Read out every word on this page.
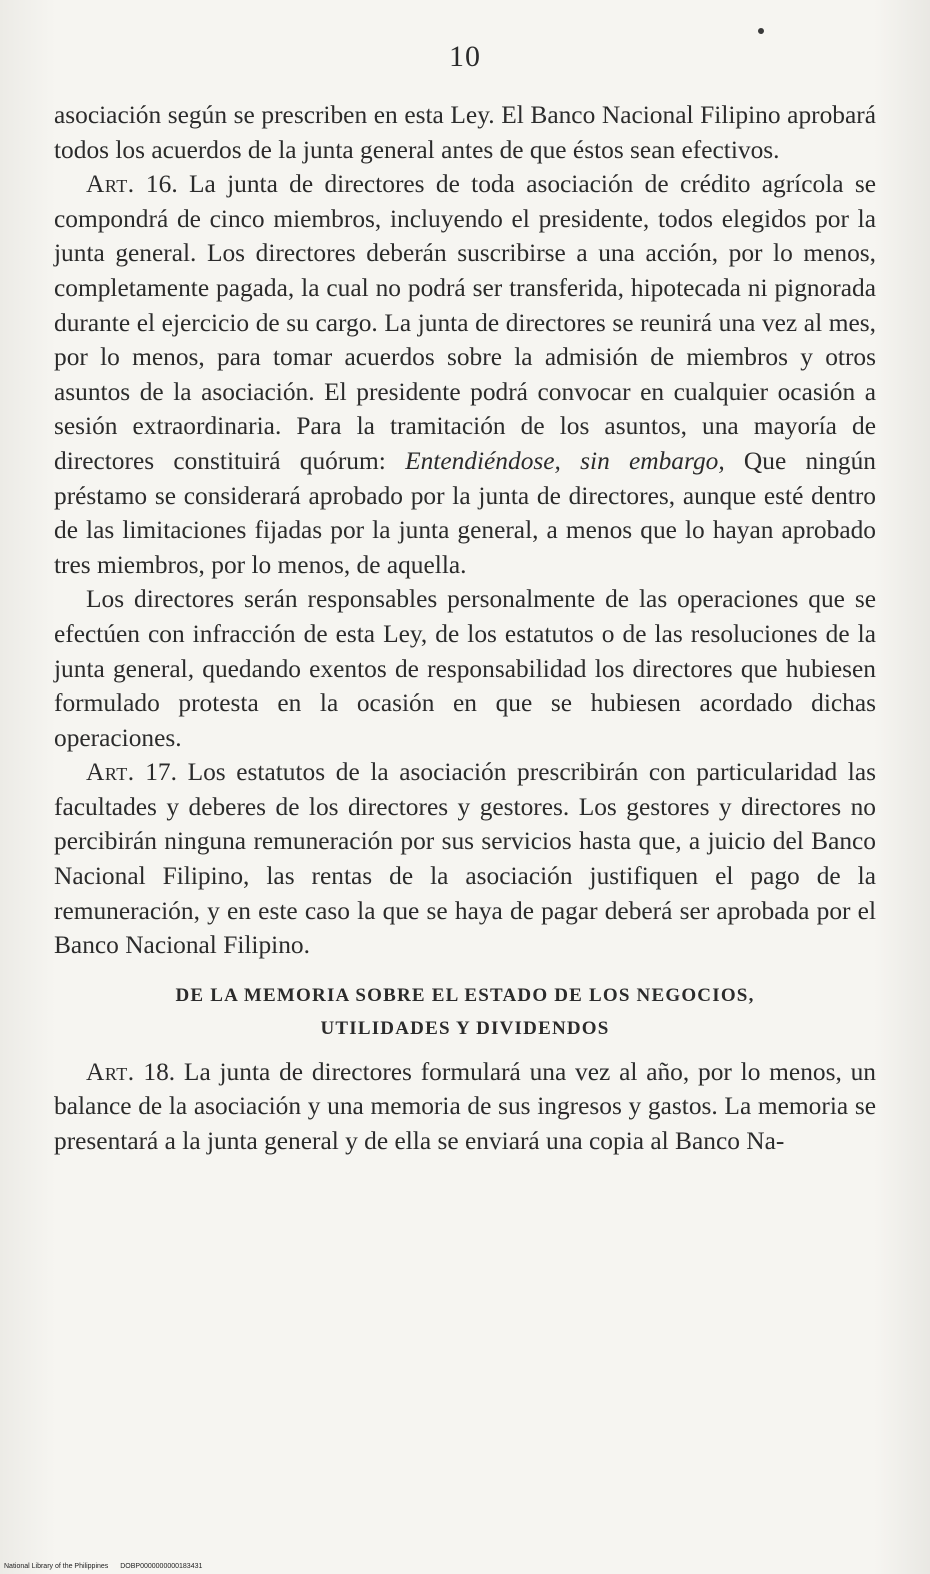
10

asociación según se prescriben en esta Ley. El Banco Nacional Filipino aprobará todos los acuerdos de la junta general antes de que éstos sean efectivos.

Art. 16. La junta de directores de toda asociación de crédito agrícola se compondrá de cinco miembros, incluyendo el presidente, todos elegidos por la junta general. Los directores deberán suscribirse a una acción, por lo menos, completamente pagada, la cual no podrá ser transferida, hipotecada ni pignorada durante el ejercicio de su cargo. La junta de directores se reunirá una vez al mes, por lo menos, para tomar acuerdos sobre la admisión de miembros y otros asuntos de la asociación. El presidente podrá convocar en cualquier ocasión a sesión extraordinaria. Para la tramitación de los asuntos, una mayoría de directores constituirá quórum: Entendiéndose, sin embargo, Que ningún préstamo se considerará aprobado por la junta de directores, aunque esté dentro de las limitaciones fijadas por la junta general, a menos que lo hayan aprobado tres miembros, por lo menos, de aquella.

Los directores serán responsables personalmente de las operaciones que se efectúen con infracción de esta Ley, de los estatutos o de las resoluciones de la junta general, quedando exentos de responsabilidad los directores que hubiesen formulado protesta en la ocasión en que se hubiesen acordado dichas operaciones.

Art. 17. Los estatutos de la asociación prescribirán con particularidad las facultades y deberes de los directores y gestores. Los gestores y directores no percibirán ninguna remuneración por sus servicios hasta que, a juicio del Banco Nacional Filipino, las rentas de la asociación justifiquen el pago de la remuneración, y en este caso la que se haya de pagar deberá ser aprobada por el Banco Nacional Filipino.

DE LA MEMORIA SOBRE EL ESTADO DE LOS NEGOCIOS,
UTILIDADES Y DIVIDENDOS

Art. 18. La junta de directores formulará una vez al año, por lo menos, un balance de la asociación y una memoria de sus ingresos y gastos. La memoria se presentará a la junta general y de ella se enviará una copia al Banco Na-

National Library of the Philippines DOBP0000000000183431
